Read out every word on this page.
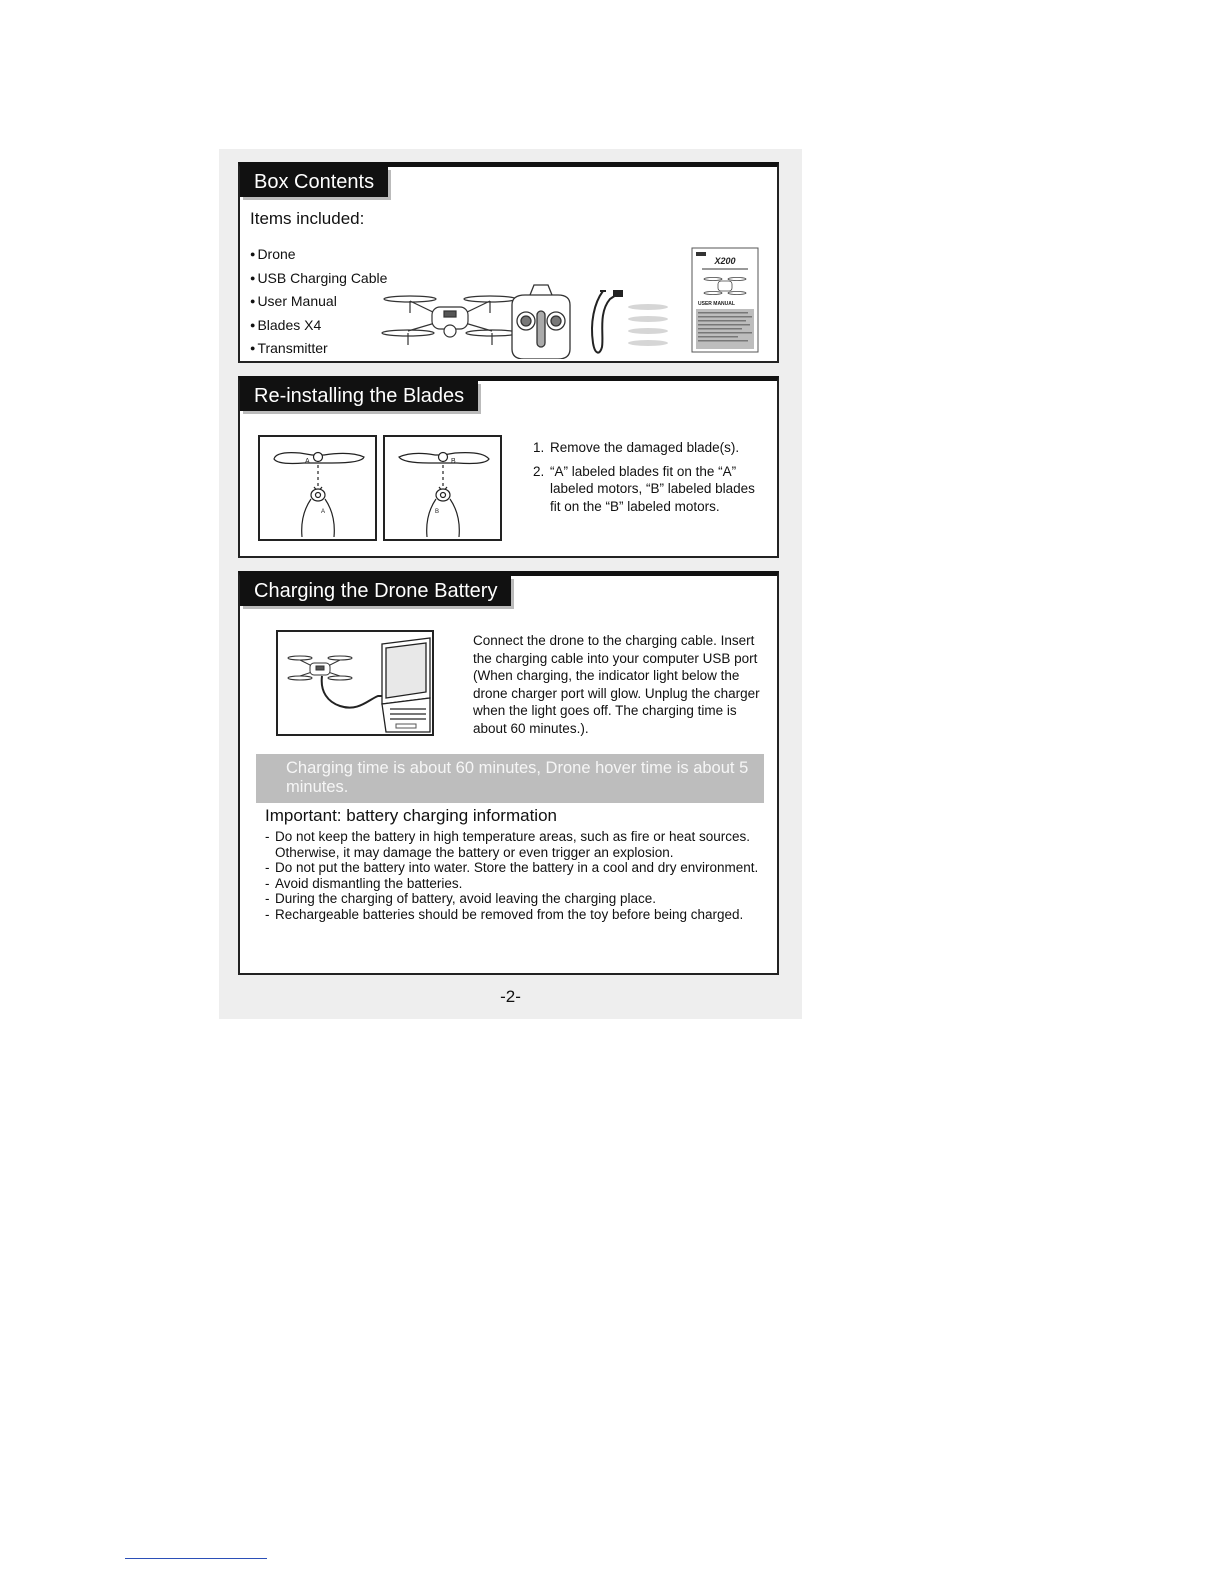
Box Contents
Items included:
● Drone
● USB Charging Cable
● User Manual
● Blades X4
● Transmitter
X200
USER MANUAL
Re-installing the Blades
A
A
B
B
1. Remove the damaged blade(s).
2. “A” labeled blades fit on the “A” labeled motors, “B” labeled blades fit on the “B” labeled motors.
Charging the Drone Battery

Connect the drone to the charging cable. Insert the charging cable into your computer USB port (When charging, the indicator light below the drone charger port will glow. Unplug the charger when the light goes off. The charging time is about 60 minutes.).

Charging time is about 60 minutes, Drone hover time is about 5 minutes.
Important: battery charging information
- Do not keep the battery in high temperature areas, such as fire or heat sources. Otherwise, it may damage the battery or even trigger an explosion.
- Do not put the battery into water. Store the battery in a cool and dry environment.
- Avoid dismantling the batteries.
- During the charging of battery, avoid leaving the charging place.
- Rechargeable batteries should be removed from the toy before being charged.
-2-
